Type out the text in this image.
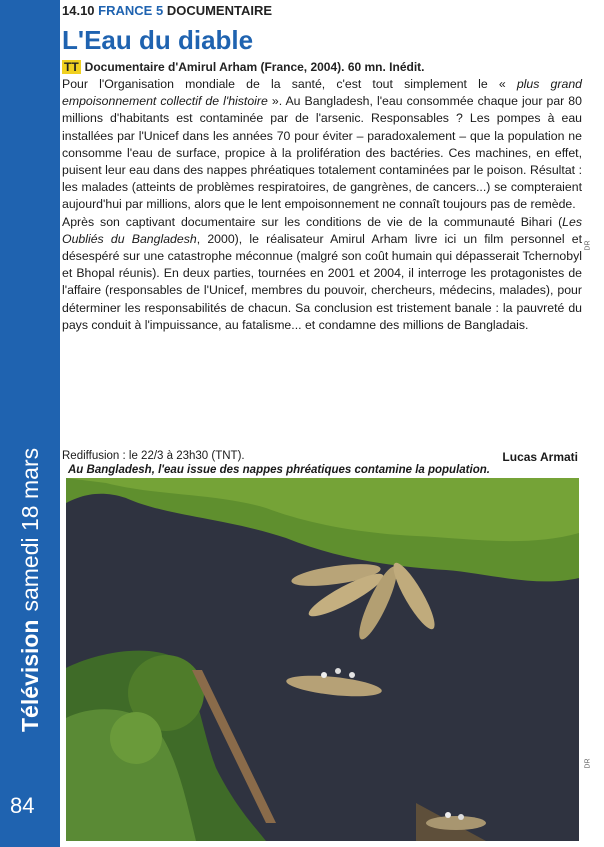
Télévision
samedi 18 mars
84
14.10 FRANCE 5 DOCUMENTAIRE
L'Eau du diable
TT Documentaire d'Amirul Arham (France, 2004). 60 mn. Inédit.

Pour l'Organisation mondiale de la santé, c'est tout simplement le « plus grand empoisonnement collectif de l'histoire ». Au Bangladesh, l'eau consommée chaque jour par 80 millions d'habitants est contaminée par de l'arsenic. Responsables ? Les pompes à eau installées par l'Unicef dans les années 70 pour éviter – paradoxalement – que la population ne consomme l'eau de surface, propice à la prolifération des bactéries. Ces machines, en effet, puisent leur eau dans des nappes phréatiques totalement contaminées par le poison. Résultat : les malades (atteints de problèmes respiratoires, de gangrènes, de cancers...) se compteraient aujourd'hui par millions, alors que le lent empoisonnement ne connaît toujours pas de remède.

Après son captivant documentaire sur les conditions de vie de la communauté Bihari (Les Oubliés du Bangladesh, 2000), le réalisateur Amirul Arham livre ici un film personnel et désespéré sur une catastrophe méconnue (malgré son coût humain qui dépasserait Tchernobyl et Bhopal réunis). En deux parties, tournées en 2001 et 2004, il interroge les protagonistes de l'affaire (responsables de l'Unicef, membres du pouvoir, chercheurs, médecins, malades), pour déterminer les responsabilités de chacun. Sa conclusion est tristement banale : la pauvreté du pays conduit à l'impuissance, au fatalisme... et condamne des millions de Bangladais.

Rediffusion : le 22/3 à 23h30 (TNT).	Lucas Armati
Au Bangladesh, l'eau issue des nappes phréatiques contamine la population.
DR
DR
